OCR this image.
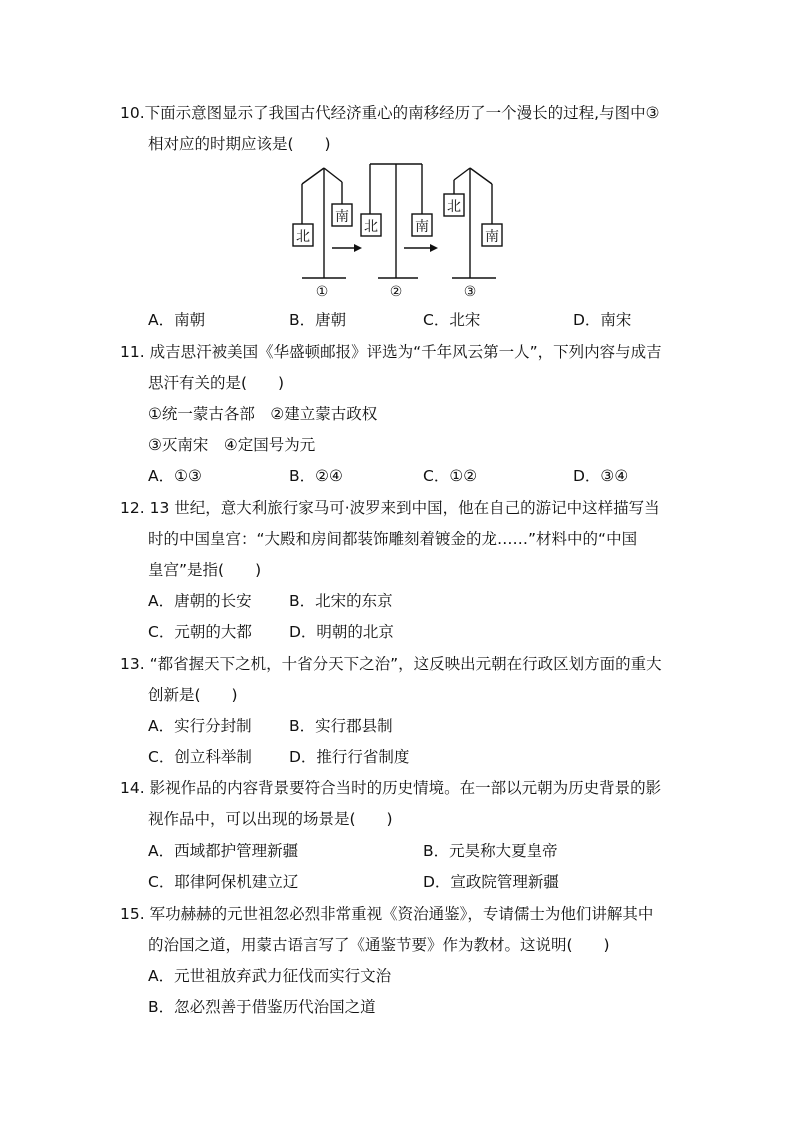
10.下面示意图显示了我国古代经济重心的南移经历了一个漫长的过程,与图中③
相对应的时期应该是(　　)
北
南
北	南
北
南
①	②	③
A．南朝	B．唐朝	C．北宋	D．南宋
11. 成吉思汗被美国《华盛顿邮报》评选为“千年风云第一人”，下列内容与成吉
思汗有关的是(　　)
①统一蒙古各部　②建立蒙古政权
③灭南宋　④定国号为元
A．①③	B．②④	C．①②	D．③④
12. 13 世纪，意大利旅行家马可·波罗来到中国，他在自己的游记中这样描写当
时的中国皇宫：“大殿和房间都装饰雕刻着镀金的龙……”材料中的“中国
皇宫”是指(　　)
A．唐朝的长安 B．北宋的东京
C．元朝的大都 D．明朝的北京
13. “都省握天下之机，十省分天下之治”，这反映出元朝在行政区划方面的重大
创新是(　　)
A．实行分封制 B．实行郡县制
C．创立科举制 D．推行行省制度
14. 影视作品的内容背景要符合当时的历史情境。在一部以元朝为历史背景的影
视作品中，可以出现的场景是(　　)
A．西域都护管理新疆	B．元昊称大夏皇帝
C．耶律阿保机建立辽	D．宣政院管理新疆
15. 军功赫赫的元世祖忽必烈非常重视《资治通鉴》，专请儒士为他们讲解其中
的治国之道，用蒙古语言写了《通鉴节要》作为教材。这说明(　　)
A．元世祖放弃武力征伐而实行文治
B．忽必烈善于借鉴历代治国之道
